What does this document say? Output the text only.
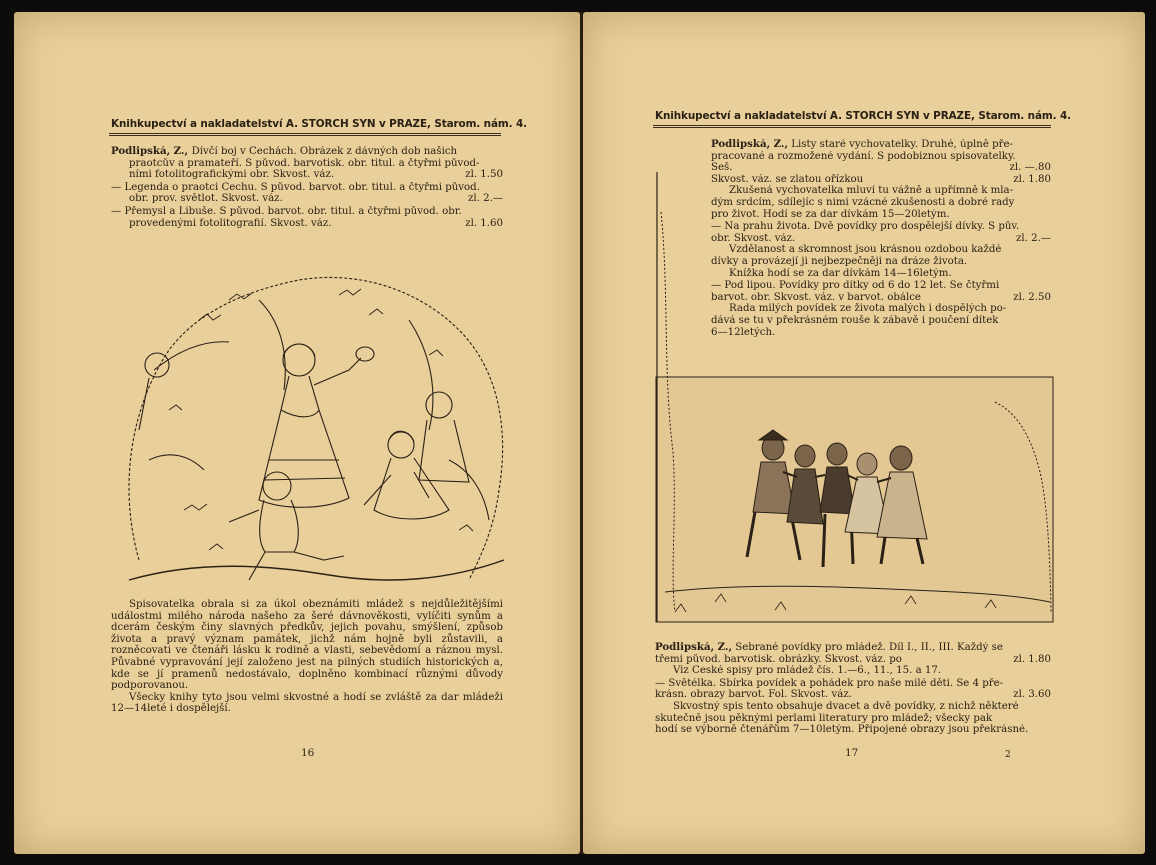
Knihkupectví a nakladatelství A. STORCH SYN v PRAZE, Starom. nám. 4.
Podlipská, Ž., Dívčí boj v Čechách. Obrázek z dávných dob našich
praotcův a pramateří. S původ. barvotisk. obr. titul. a čtyřmi původ-
ními fotolitografickými obr. Skvost. váz.	zl. 1.50
— Legenda o praotci Čechu. S původ. barvot. obr. titul. a čtyřmi původ.
obr. prov. světlot. Skvost. váz.	zl. 2.—
— Přemysl a Libuše. S původ. barvot. obr. titul. a čtyřmi původ. obr.
provedenými fotolitografií. Skvost. váz.	zl. 1.60
Spisovatelka obrala si za úkol obeznámiti mládež s nejdůležitějšími událostmi milého národa našeho za šeré dávnověkosti, vylíčiti synům a dcerám českým činy slavných předkův, jejich povahu, smýšlení, způsob života a pravý význam památek, jichž nám hojně byli zůstavili, a rozněcovati ve čtenáři lásku k rodině a vlasti, sebevědomí a ráznou mysl. Půvabné vypravování její založeno jest na pilných studiích historických a, kde se jí pramenů nedostávalo, doplněno kombinací různými důvody podporovanou.
Všecky knihy tyto jsou velmi skvostné a hodí se zvláště za dar mládeži 12—14leté i dospělejší.
16
Knihkupectví a nakladatelství A. STORCH SYN v PRAZE, Starom. nám. 4.
Podlipská, Ž., Listy staré vychovatelky. Druhé, úplně pře-
pracované a rozmožené vydání. S podobiznou spisovatelky.
Seš.	zl. —.80
Skvost. váz. se zlatou ořízkou	zl. 1.80
Zkušená vychovatelka mluví tu vážně a upřímně k mla-
dým srdcím, sdílejíc s nimi vzácné zkušenosti a dobré rady
pro život. Hodí se za dar dívkám 15—20letým.
— Na prahu života. Dvě povídky pro dospělejší dívky. S pův.
obr. Skvost. váz.	zl. 2.—
Vzdělanost a skromnost jsou krásnou ozdobou každé
dívky a provázejí ji nejbezpečněji na dráze života.
Knížka hodí se za dar dívkám 14—16letým.
— Pod lipou. Povídky pro dítky od 6 do 12 let. Se čtyřmi
barvot. obr. Skvost. váz. v barvot. obálce	zl. 2.50
Řada milých povídek ze života malých i dospělých po-
dává se tu v překrásném rouše k zábavě i poučení dítek
6—12letých.
Podlipská, Ž., Sebrané povídky pro mládež. Díl I., II., III. Každý se
třemi původ. barvotisk. obrázky. Skvost. váz. po	zl. 1.80
Viz České spisy pro mládež čís. 1.—6., 11., 15. a 17.
— Světélka. Sbírka povídek a pohádek pro naše milé děti. Se 4 pře-
krásn. obrazy barvot. Fol. Skvost. váz.	zl. 3.60
Skvostný spis tento obsahuje dvacet a dvě povídky, z nichž některé
skutečně jsou pěknými perlami literatury pro mládež; všecky pak
hodí se výborně čtenářům 7—10letým. Připojené obrazy jsou překrásné.
17	2
